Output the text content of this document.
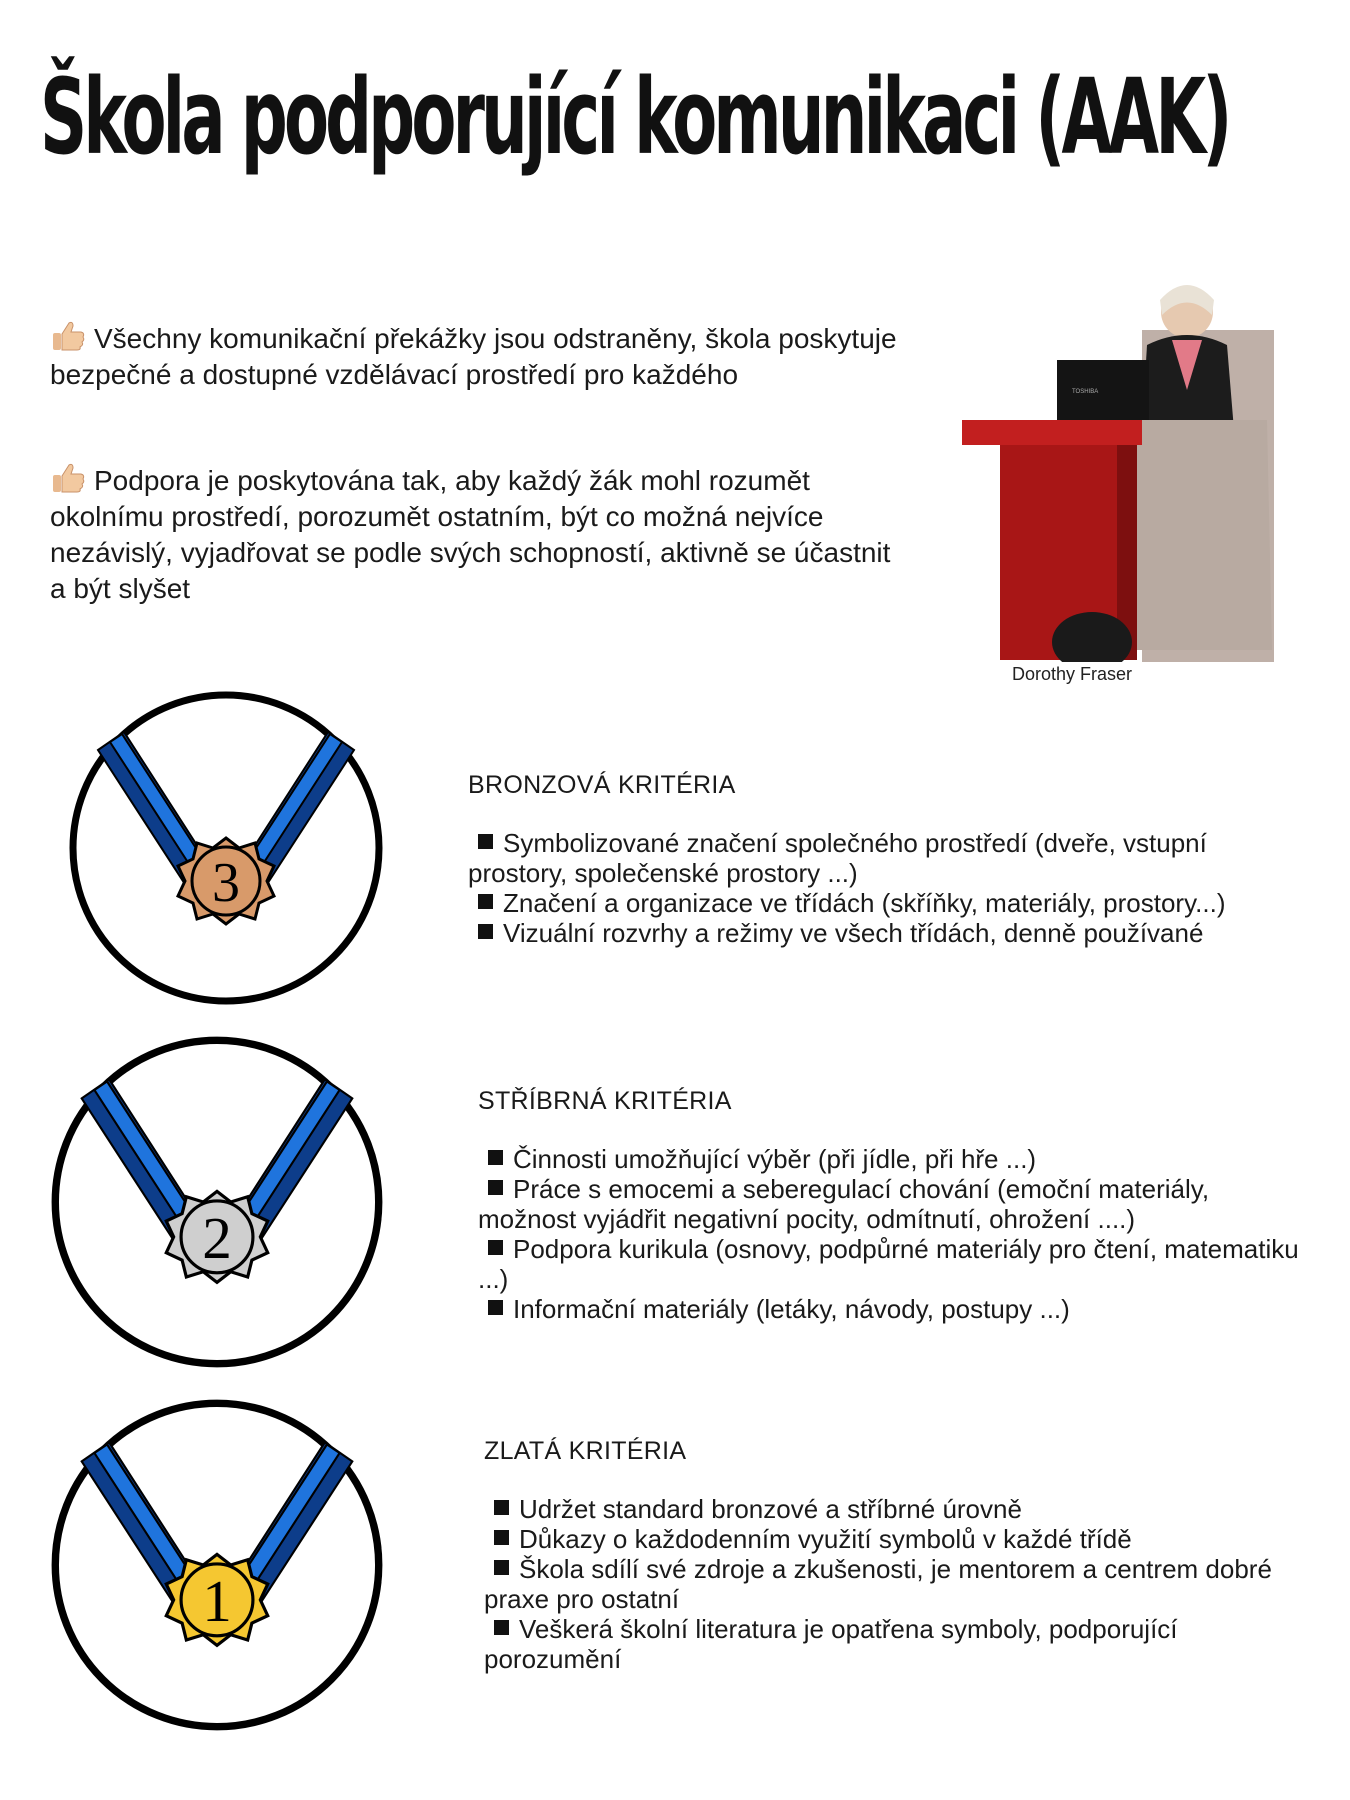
Škola podporující komunikaci (AAK)

Všechny komunikační překážky jsou odstraněny, škola poskytuje bezpečné a dostupné vzdělávací prostředí pro každého

Podpora je poskytována tak, aby každý žák mohl rozumět okolnímu prostředí, porozumět ostatním, být co možná nejvíce nezávislý, vyjadřovat se podle svých schopností, aktivně se účastnit a být slyšet

TOSHIBA
Dorothy Fraser
3
BRONZOVÁ KRITÉRIA

Symbolizované značení společného prostředí (dveře, vstupní prostory, společenské prostory ...)

Značení a organizace ve třídách (skříňky, materiály, prostory...)

Vizuální rozvrhy a režimy ve všech třídách, denně používané

2
STŘÍBRNÁ KRITÉRIA

Činnosti umožňující výběr (při jídle, při hře ...)

Práce s emocemi a seberegulací chování (emoční materiály, možnost vyjádřit negativní pocity, odmítnutí, ohrožení ....)

Podpora kurikula (osnovy, podpůrné materiály pro čtení, matematiku ...)

Informační materiály (letáky, návody, postupy ...)

1
ZLATÁ KRITÉRIA

Udržet standard bronzové a stříbrné úrovně

Důkazy o každodenním využití symbolů v každé třídě

Škola sdílí své zdroje a zkušenosti, je mentorem a centrem dobré praxe pro ostatní

Veškerá školní literatura je opatřena symboly, podporující porozumění
